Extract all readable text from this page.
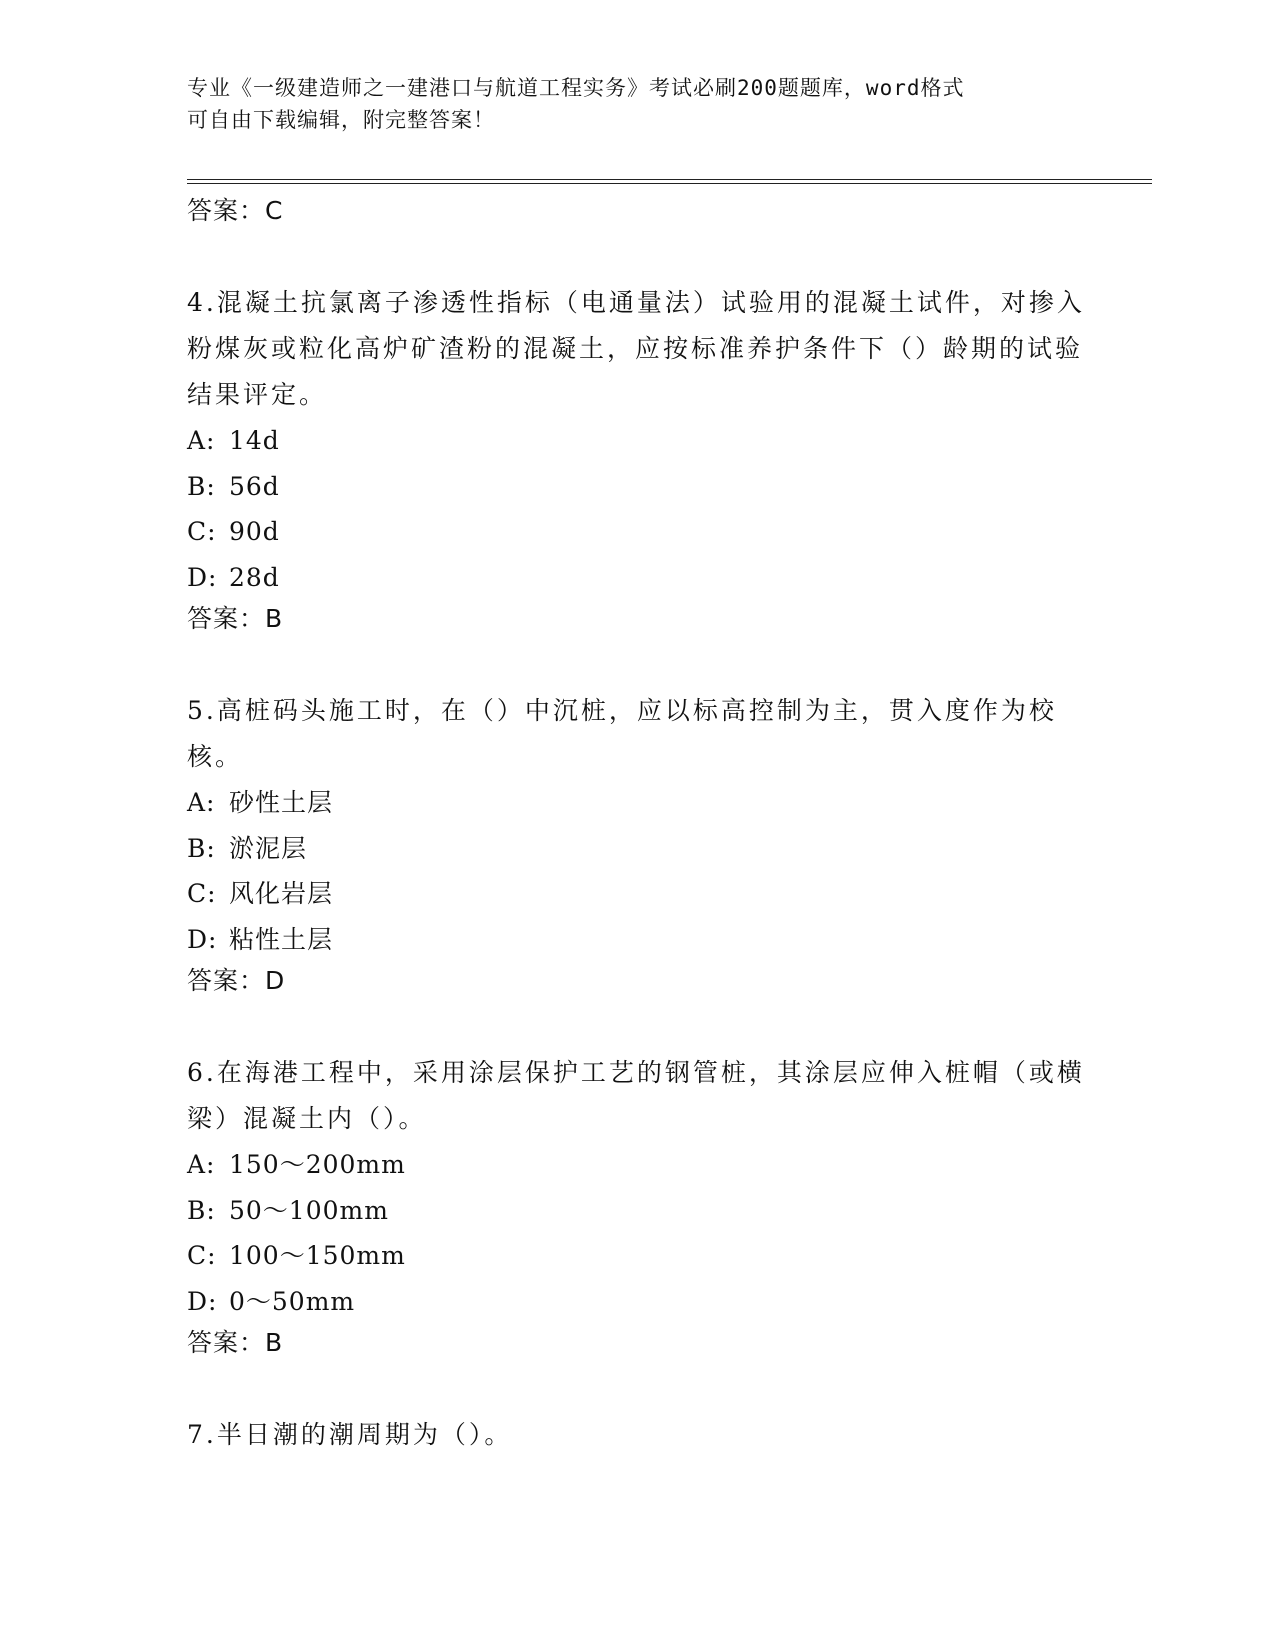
专业《一级建造师之一建港口与航道工程实务》考试必刷200题题库，word格式
可自由下载编辑，附完整答案！
答案：C
4.混凝土抗氯离子渗透性指标（电通量法）试验用的混凝土试件，对掺入粉煤灰或粒化高炉矿渣粉的混凝土，应按标准养护条件下（）龄期的试验结果评定。
A: 14d
B: 56d
C: 90d
D: 28d
答案：B
5.高桩码头施工时，在（）中沉桩，应以标高控制为主，贯入度作为校核。
A: 砂性土层
B: 淤泥层
C: 风化岩层
D: 粘性土层
答案：D
6.在海港工程中，采用涂层保护工艺的钢管桩，其涂层应伸入桩帽（或横梁）混凝土内（）。
A: 150～200mm
B: 50～100mm
C: 100～150mm
D: 0～50mm
答案：B
7.半日潮的潮周期为（）。
